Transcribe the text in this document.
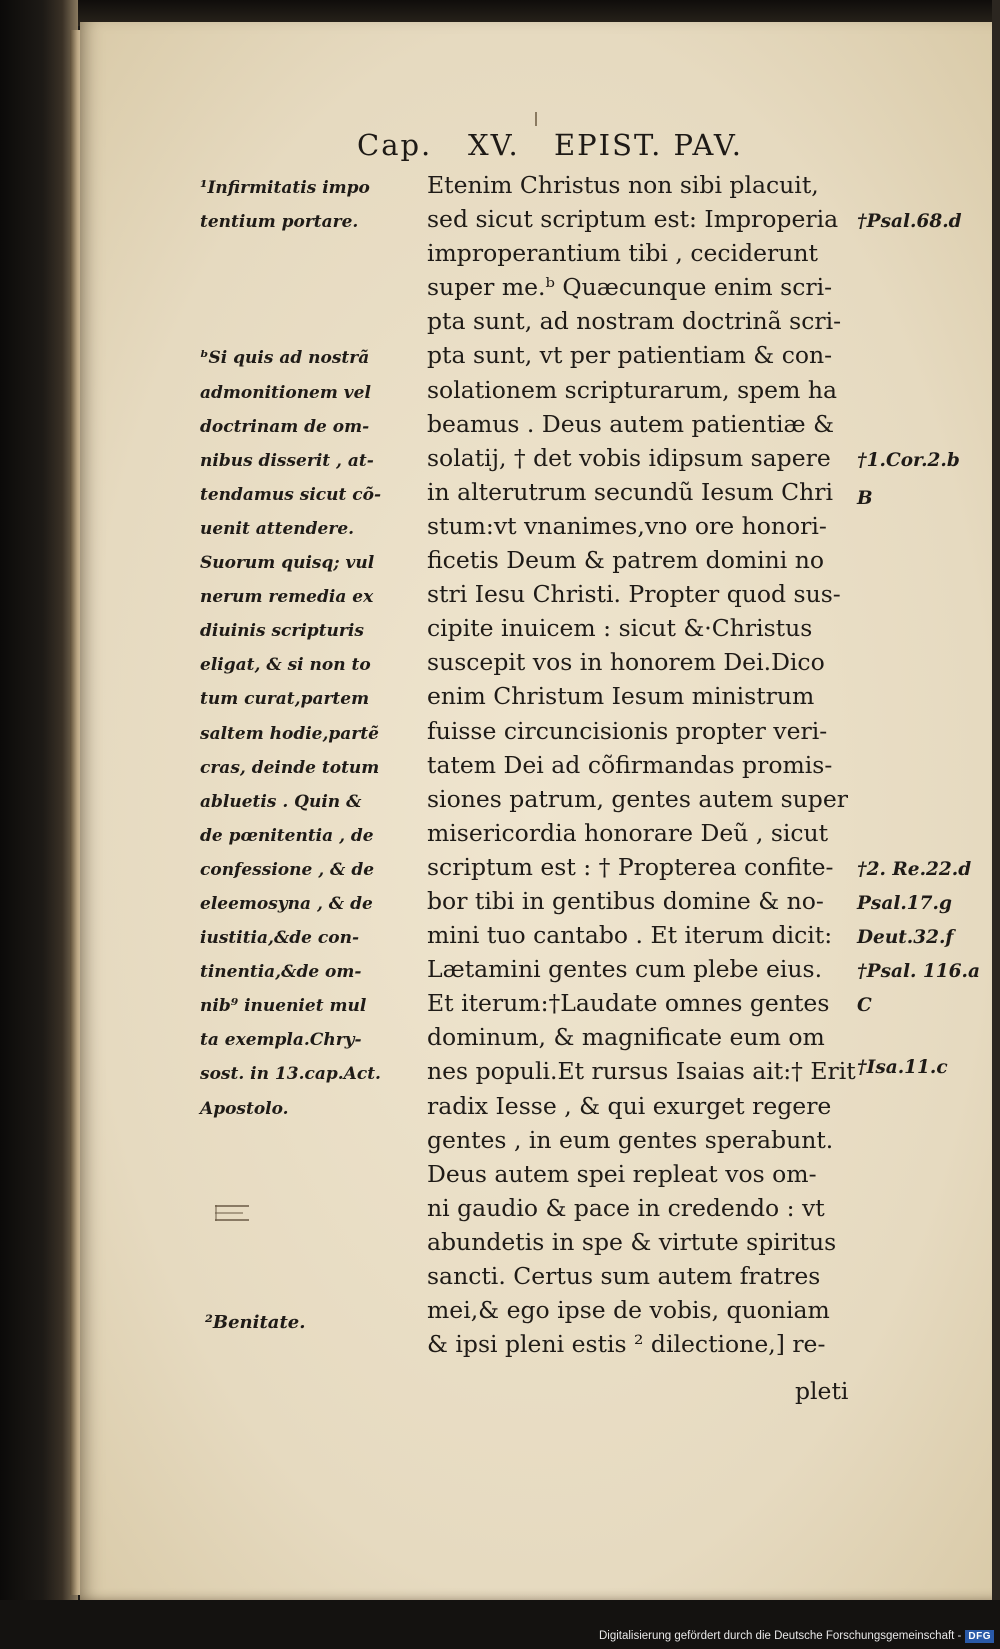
Cap. XV. EPIST. PAV.
¹Infirmitatis impo
tentium portare.
ᵇSi quis ad nostrã
admonitionem vel
doctrinam de om-
nibus disserit , at-
tendamus sicut cõ-
uenit attendere.
Suorum quisq; vul
nerum remedia ex
diuinis scripturis
eligat, & si non to
tum curat,partem
saltem hodie,partẽ
cras, deinde totum
abluetis . Quin &
de pœnitentia , de
confessione , & de
eleemosyna , & de
iustitia,&de con-
tinentia,&de om-
nib⁹ inueniet mul
ta exempla.Chry-
sost. in 13.cap.Act.
Apostolo.
Etenim Christus non sibi placuit,
sed sicut scriptum est: Improperia
improperantium tibi , ceciderunt
super me.ᵇ Quæcunque enim scri-
pta sunt, ad nostram doctrinã scri-
pta sunt, vt per patientiam & con-
solationem scripturarum, spem ha
beamus . Deus autem patientiæ &
solatij, † det vobis idipsum sapere
in alterutrum secundũ Iesum Chri
stum:vt vnanimes,vno ore honori-
ficetis Deum & patrem domini no
stri Iesu Christi. Propter quod sus-
cipite inuicem : sicut &·Christus
suscepit vos in honorem Dei.Dico
enim Christum Iesum ministrum
fuisse circuncisionis propter veri-
tatem Dei ad cõfirmandas promis-
siones patrum, gentes autem super
misericordia honorare Deũ , sicut
scriptum est : † Propterea confite-
bor tibi in gentibus domine & no-
mini tuo cantabo . Et iterum dicit:
Lætamini gentes cum plebe eius.
Et iterum:†Laudate omnes gentes
dominum, & magnificate eum om
nes populi.Et rursus Isaias ait:† Erit
radix Iesse , & qui exurget regere
gentes , in eum gentes sperabunt.
Deus autem spei repleat vos om-
ni gaudio & pace in credendo : vt
abundetis in spe & virtute spiritus
sancti. Certus sum autem fratres
mei,& ego ipse de vobis, quoniam
& ipsi pleni estis ² dilectione,] re-
pleti
†Psal.68.d
†1.Cor.2.b
B
†2. Re.22.d
Psal.17.g
Deut.32.f
†Psal. 116.a
C
†Isa.11.c
²Benitate.
Digitalisierung gefördert durch die Deutsche Forschungsgemeinschaft - DFG
